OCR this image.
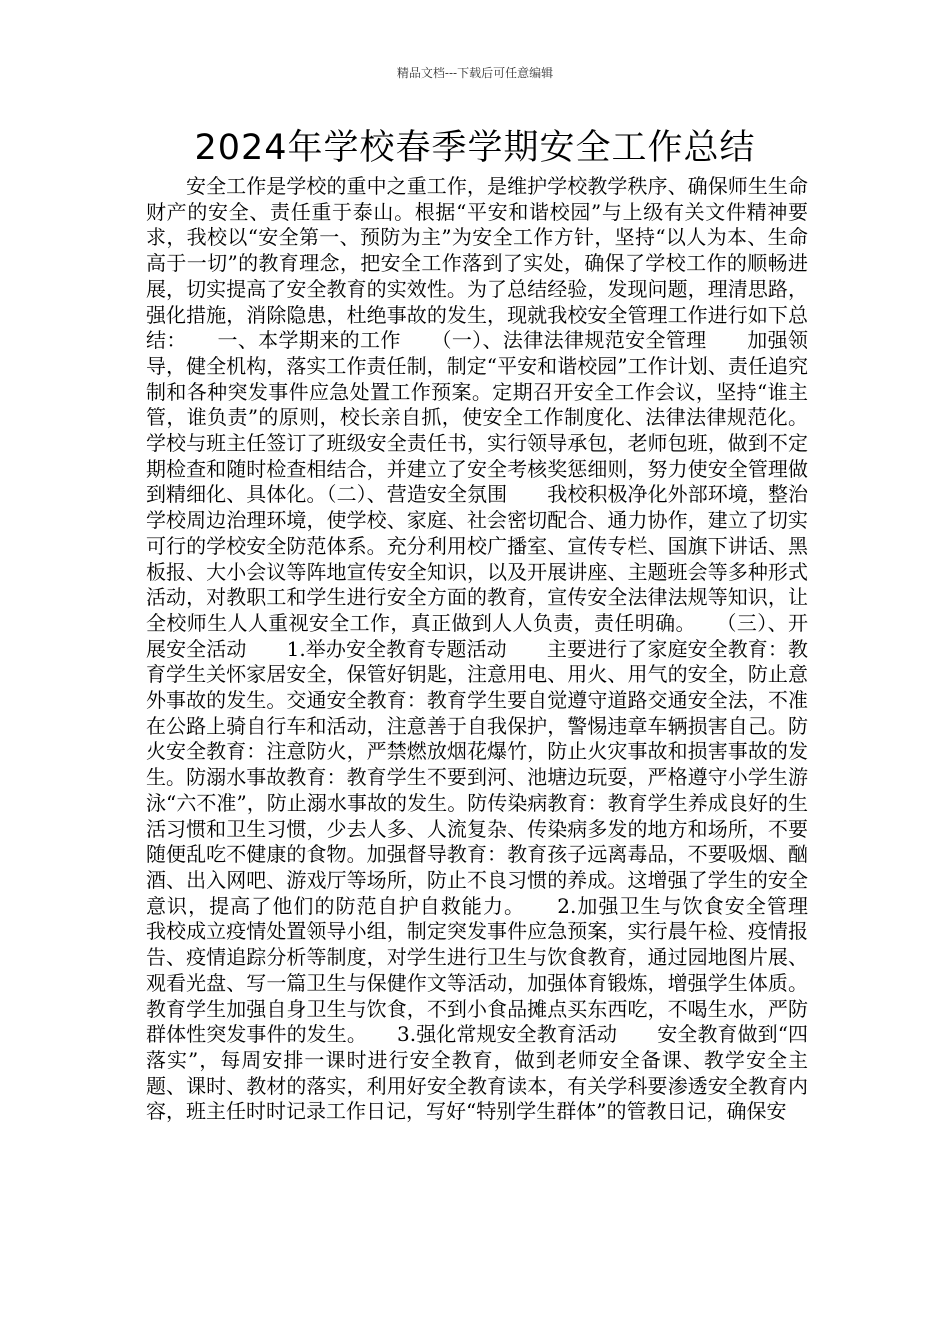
精品文档---下载后可任意编辑
2024年学校春季学期安全工作总结

安全工作是学校的重中之重工作，是维护学校教学秩序、确保师生生命财产的安全、责任重于泰山。根据“平安和谐校园”与上级有关文件精神要求，我校以“安全第一、预防为主”为安全工作方针，坚持“以人为本、生命高于一切”的教育理念，把安全工作落到了实处，确保了学校工作的顺畅进展，切实提高了安全教育的实效性。为了总结经验，发现问题，理清思路，强化措施，消除隐患，杜绝事故的发生，现就我校安全管理工作进行如下总结：　　一、本学期来的工作　　（一）、法律法律规范安全管理　　加强领导，健全机构，落实工作责任制，制定“平安和谐校园”工作计划、责任追究制和各种突发事件应急处置工作预案。定期召开安全工作会议，坚持“谁主管，谁负责”的原则，校长亲自抓，使安全工作制度化、法律法律规范化。学校与班主任签订了班级安全责任书，实行领导承包，老师包班，做到不定期检查和随时检查相结合，并建立了安全考核奖惩细则，努力使安全管理做到精细化、具体化。（二）、营造安全氛围　　我校积极净化外部环境，整治学校周边治理环境，使学校、家庭、社会密切配合、通力协作，建立了切实可行的学校安全防范体系。充分利用校广播室、宣传专栏、国旗下讲话、黑板报、大小会议等阵地宣传安全知识，以及开展讲座、主题班会等多种形式活动，对教职工和学生进行安全方面的教育，宣传安全法律法规等知识，让全校师生人人重视安全工作，真正做到人人负责，责任明确。　　（三）、开展安全活动　　1.举办安全教育专题活动　　主要进行了家庭安全教育：教育学生关怀家居安全，保管好钥匙，注意用电、用火、用气的安全，防止意外事故的发生。交通安全教育：教育学生要自觉遵守道路交通安全法，不准在公路上骑自行车和活动，注意善于自我保护，警惕违章车辆损害自己。防火安全教育：注意防火，严禁燃放烟花爆竹，防止火灾事故和损害事故的发生。防溺水事故教育：教育学生不要到河、池塘边玩耍，严格遵守小学生游泳“六不准”，防止溺水事故的发生。防传染病教育：教育学生养成良好的生活习惯和卫生习惯，少去人多、人流复杂、传染病多发的地方和场所，不要随便乱吃不健康的食物。加强督导教育：教育孩子远离毒品，不要吸烟、酗酒、出入网吧、游戏厅等场所，防止不良习惯的养成。这增强了学生的安全意识，提高了他们的防范自护自救能力。　　2.加强卫生与饮食安全管理　　我校成立疫情处置领导小组，制定突发事件应急预案，实行晨午检、疫情报告、疫情追踪分析等制度，对学生进行卫生与饮食教育，通过园地图片展、观看光盘、写一篇卫生与保健作文等活动，加强体育锻炼，增强学生体质。教育学生加强自身卫生与饮食，不到小食品摊点买东西吃，不喝生水，严防群体性突发事件的发生。　　3.强化常规安全教育活动　　安全教育做到“四落实”，每周安排一课时进行安全教育，做到老师安全备课、教学安全主题、课时、教材的落实，利用好安全教育读本，有关学科要渗透安全教育内容，班主任时时记录工作日记，写好“特别学生群体”的管教日记，确保安
